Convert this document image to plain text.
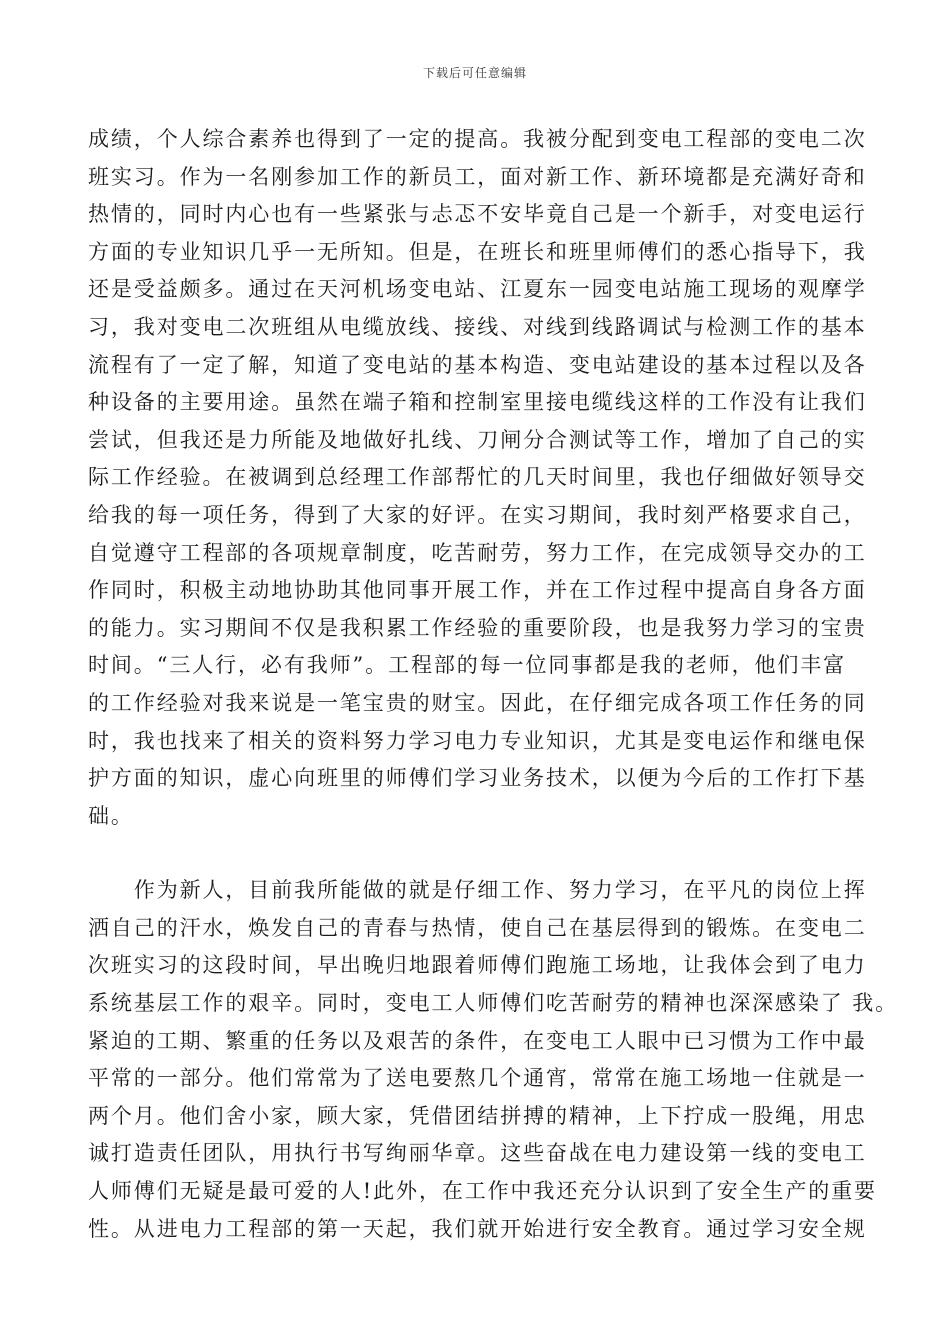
下载后可任意编辑
成绩，个人综合素养也得到了一定的提高。我被分配到变电工程部的变电二次
班实习。作为一名刚参加工作的新员工，面对新工作、新环境都是充满好奇和
热情的，同时内心也有一些紧张与忐忑不安毕竟自己是一个新手，对变电运行
方面的专业知识几乎一无所知。但是，在班长和班里师傅们的悉心指导下，我
还是受益颇多。通过在天河机场变电站、江夏东一园变电站施工现场的观摩学
习，我对变电二次班组从电缆放线、接线、对线到线路调试与检测工作的基本
流程有了一定了解，知道了变电站的基本构造、变电站建设的基本过程以及各
种设备的主要用途。虽然在端子箱和控制室里接电缆线这样的工作没有让我们
尝试，但我还是力所能及地做好扎线、刀闸分合测试等工作，增加了自己的实
际工作经验。在被调到总经理工作部帮忙的几天时间里，我也仔细做好领导交
给我的每一项任务，得到了大家的好评。在实习期间，我时刻严格要求自己，
自觉遵守工程部的各项规章制度，吃苦耐劳，努力工作，在完成领导交办的工
作同时，积极主动地协助其他同事开展工作，并在工作过程中提高自身各方面
的能力。实习期间不仅是我积累工作经验的重要阶段，也是我努力学习的宝贵
时间。“三人行，必有我师”。工程部的每一位同事都是我的老师，他们丰富
的工作经验对我来说是一笔宝贵的财宝。因此，在仔细完成各项工作任务的同
时，我也找来了相关的资料努力学习电力专业知识，尤其是变电运作和继电保
护方面的知识，虚心向班里的师傅们学习业务技术，以便为今后的工作打下基
础。
　　作为新人，目前我所能做的就是仔细工作、努力学习，在平凡的岗位上挥
洒自己的汗水，焕发自己的青春与热情，使自己在基层得到的锻炼。在变电二
次班实习的这段时间，早出晚归地跟着师傅们跑施工场地，让我体会到了电力
系统基层工作的艰辛。同时，变电工人师傅们吃苦耐劳的精神也深深感染了 我。
紧迫的工期、繁重的任务以及艰苦的条件，在变电工人眼中已习惯为工作中最
平常的一部分。他们常常为了送电要熬几个通宵，常常在施工场地一住就是一
两个月。他们舍小家，顾大家，凭借团结拼搏的精神，上下拧成一股绳，用忠
诚打造责任团队，用执行书写绚丽华章。这些奋战在电力建设第一线的变电工
人师傅们无疑是最可爱的人!此外，在工作中我还充分认识到了安全生产的重要
性。从进电力工程部的第一天起，我们就开始进行安全教育。通过学习安全规
